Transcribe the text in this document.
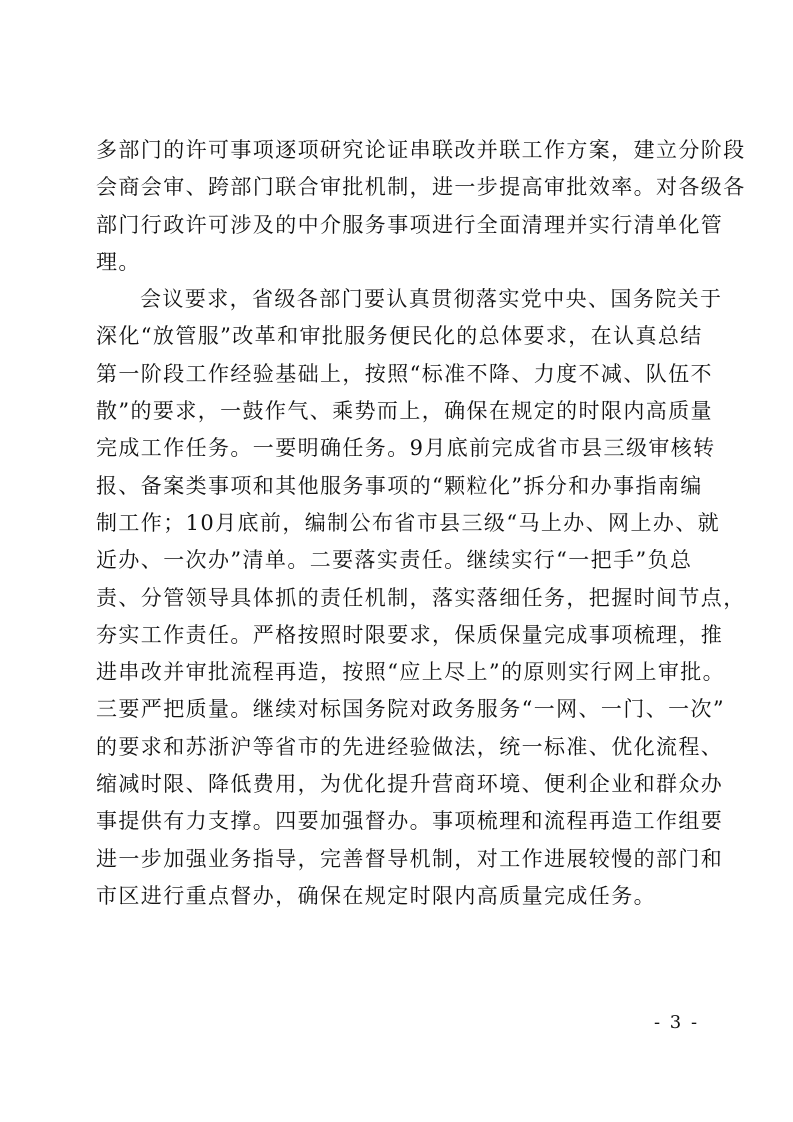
多部门的许可事项逐项研究论证串联改并联工作方案，建立分阶段
会商会审、跨部门联合审批机制，进一步提高审批效率。对各级各
部门行政许可涉及的中介服务事项进行全面清理并实行清单化管
理。
会议要求，省级各部门要认真贯彻落实党中央、国务院关于
深化“放管服”改革和审批服务便民化的总体要求，在认真总结
第一阶段工作经验基础上，按照“标准不降、力度不减、队伍不
散”的要求，一鼓作气、乘势而上，确保在规定的时限内高质量
完成工作任务。一要明确任务。9月底前完成省市县三级审核转
报、备案类事项和其他服务事项的“颗粒化”拆分和办事指南编
制工作；10月底前，编制公布省市县三级“马上办、网上办、就
近办、一次办”清单。二要落实责任。继续实行“一把手”负总
责、分管领导具体抓的责任机制，落实落细任务，把握时间节点，
夯实工作责任。严格按照时限要求，保质保量完成事项梳理，推
进串改并审批流程再造，按照“应上尽上”的原则实行网上审批。
三要严把质量。继续对标国务院对政务服务“一网、一门、一次”
的要求和苏浙沪等省市的先进经验做法，统一标准、优化流程、
缩减时限、降低费用，为优化提升营商环境、便利企业和群众办
事提供有力支撑。四要加强督办。事项梳理和流程再造工作组要
进一步加强业务指导，完善督导机制，对工作进展较慢的部门和
市区进行重点督办，确保在规定时限内高质量完成任务。
- 3 -
